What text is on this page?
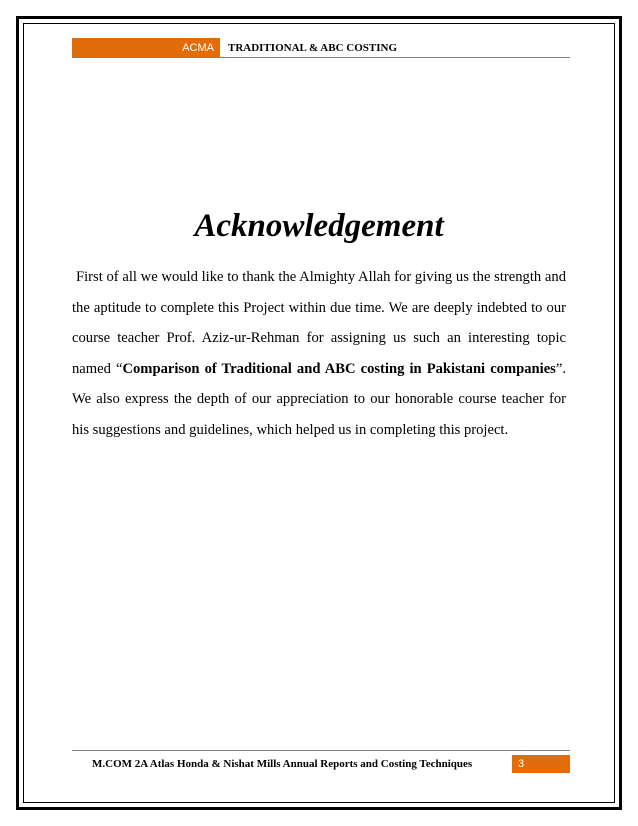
ACMA	TRADITIONAL & ABC COSTING
Acknowledgement

First of all we would like to thank the Almighty Allah for giving us the strength and the aptitude to complete this Project within due time. We are deeply indebted to our course teacher Prof. Aziz-ur-Rehman for assigning us such an interesting topic named “Comparison of Traditional and ABC costing in Pakistani companies”. We also express the depth of our appreciation to our honorable course teacher for his suggestions and guidelines, which helped us in completing this project.

M.COM 2A Atlas Honda & Nishat Mills Annual Reports and Costing Techniques	3
